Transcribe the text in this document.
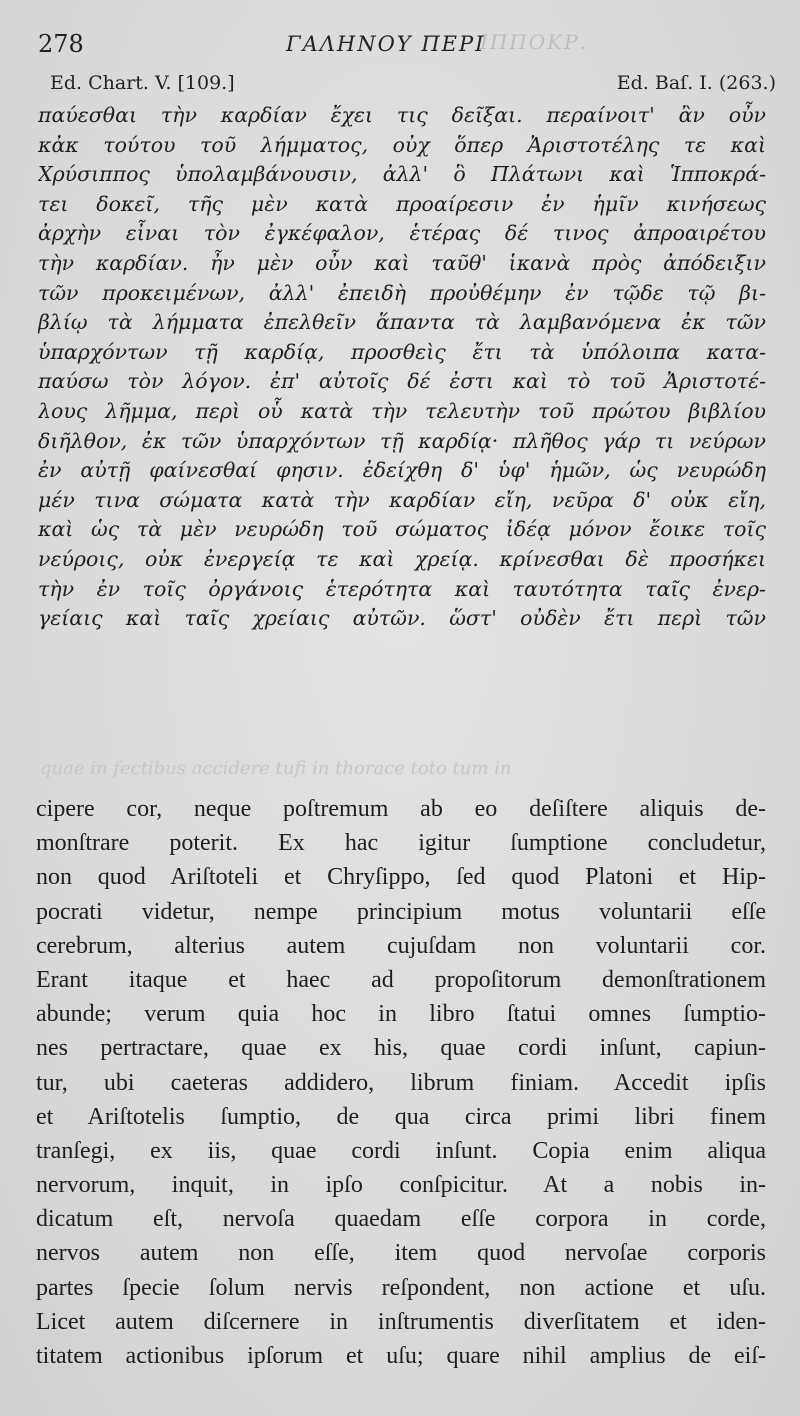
ΙΠΠΟΚΡ.
quae in fectibus accidere tufi in thorace toto tum in
278	ΓΑΛΗΝΟΥ ΠΕΡΙ
Ed. Chart. V. [109.]	Ed. Baſ. I. (263.)
παύεσθαι τὴν καρδίαν ἔχει τις δεῖξαι. περαίνοιτ' ἂν οὖν
κἀκ τούτου τοῦ λήμματος, οὐχ ὅπερ Ἀριστοτέλης τε καὶ
Χρύσιππος ὑπολαμβάνουσιν, ἀλλ' ὃ Πλάτωνι καὶ Ἱπποκρά-
τει δοκεῖ, τῆς μὲν κατὰ προαίρεσιν ἐν ἡμῖν κινήσεως
ἀρχὴν εἶναι τὸν ἐγκέφαλον, ἑτέρας δέ τινος ἀπροαιρέτου
τὴν καρδίαν. ἦν μὲν οὖν καὶ ταῦθ' ἱκανὰ πρὸς ἀπόδειξιν
τῶν προκειμένων, ἀλλ' ἐπειδὴ προὐθέμην ἐν τῷδε τῷ βι-
βλίῳ τὰ λήμματα ἐπελθεῖν ἅπαντα τὰ λαμβανόμενα ἐκ τῶν
ὑπαρχόντων τῇ καρδίᾳ, προσθεὶς ἔτι τὰ ὑπόλοιπα κατα-
παύσω τὸν λόγον. ἐπ' αὐτοῖς δέ ἐστι καὶ τὸ τοῦ Ἀριστοτέ-
λους λῆμμα, περὶ οὗ κατὰ τὴν τελευτὴν τοῦ πρώτου βιβλίου
διῆλθον, ἐκ τῶν ὑπαρχόντων τῇ καρδίᾳ· πλῆθος γάρ τι νεύρων
ἐν αὐτῇ φαίνεσθαί φησιν. ἐδείχθη δ' ὑφ' ἡμῶν, ὡς νευρώδη
μέν τινα σώματα κατὰ τὴν καρδίαν εἴη, νεῦρα δ' οὐκ εἴη,
καὶ ὡς τὰ μὲν νευρώδη τοῦ σώματος ἰδέᾳ μόνον ἔοικε τοῖς
νεύροις, οὐκ ἐνεργείᾳ τε καὶ χρείᾳ. κρίνεσθαι δὲ προσήκει
τὴν ἐν τοῖς ὀργάνοις ἑτερότητα καὶ ταυτότητα ταῖς ἐνερ-
γείαις καὶ ταῖς χρείαις αὐτῶν. ὥστ' οὐδὲν ἔτι περὶ τῶν
cipere cor, neque poſtremum ab eo deſiſtere aliquis de-
monſtrare poterit. Ex hac igitur ſumptione concludetur,
non quod Ariſtoteli et Chryſippo, ſed quod Platoni et Hip-
pocrati videtur, nempe principium motus voluntarii eſſe
cerebrum, alterius autem cujuſdam non voluntarii cor.
Erant itaque et haec ad propoſitorum demonſtrationem
abunde; verum quia hoc in libro ſtatui omnes ſumptio-
nes pertractare, quae ex his, quae cordi inſunt, capiun-
tur, ubi caeteras addidero, librum finiam. Accedit ipſis
et Ariſtotelis ſumptio, de qua circa primi libri finem
tranſegi, ex iis, quae cordi inſunt. Copia enim aliqua
nervorum, inquit, in ipſo conſpicitur. At a nobis in-
dicatum eſt, nervoſa quaedam eſſe corpora in corde,
nervos autem non eſſe, item quod nervoſae corporis
partes ſpecie ſolum nervis reſpondent, non actione et uſu.
Licet autem diſcernere in inſtrumentis diverſitatem et iden-
titatem actionibus ipſorum et uſu; quare nihil amplius de eiſ-
